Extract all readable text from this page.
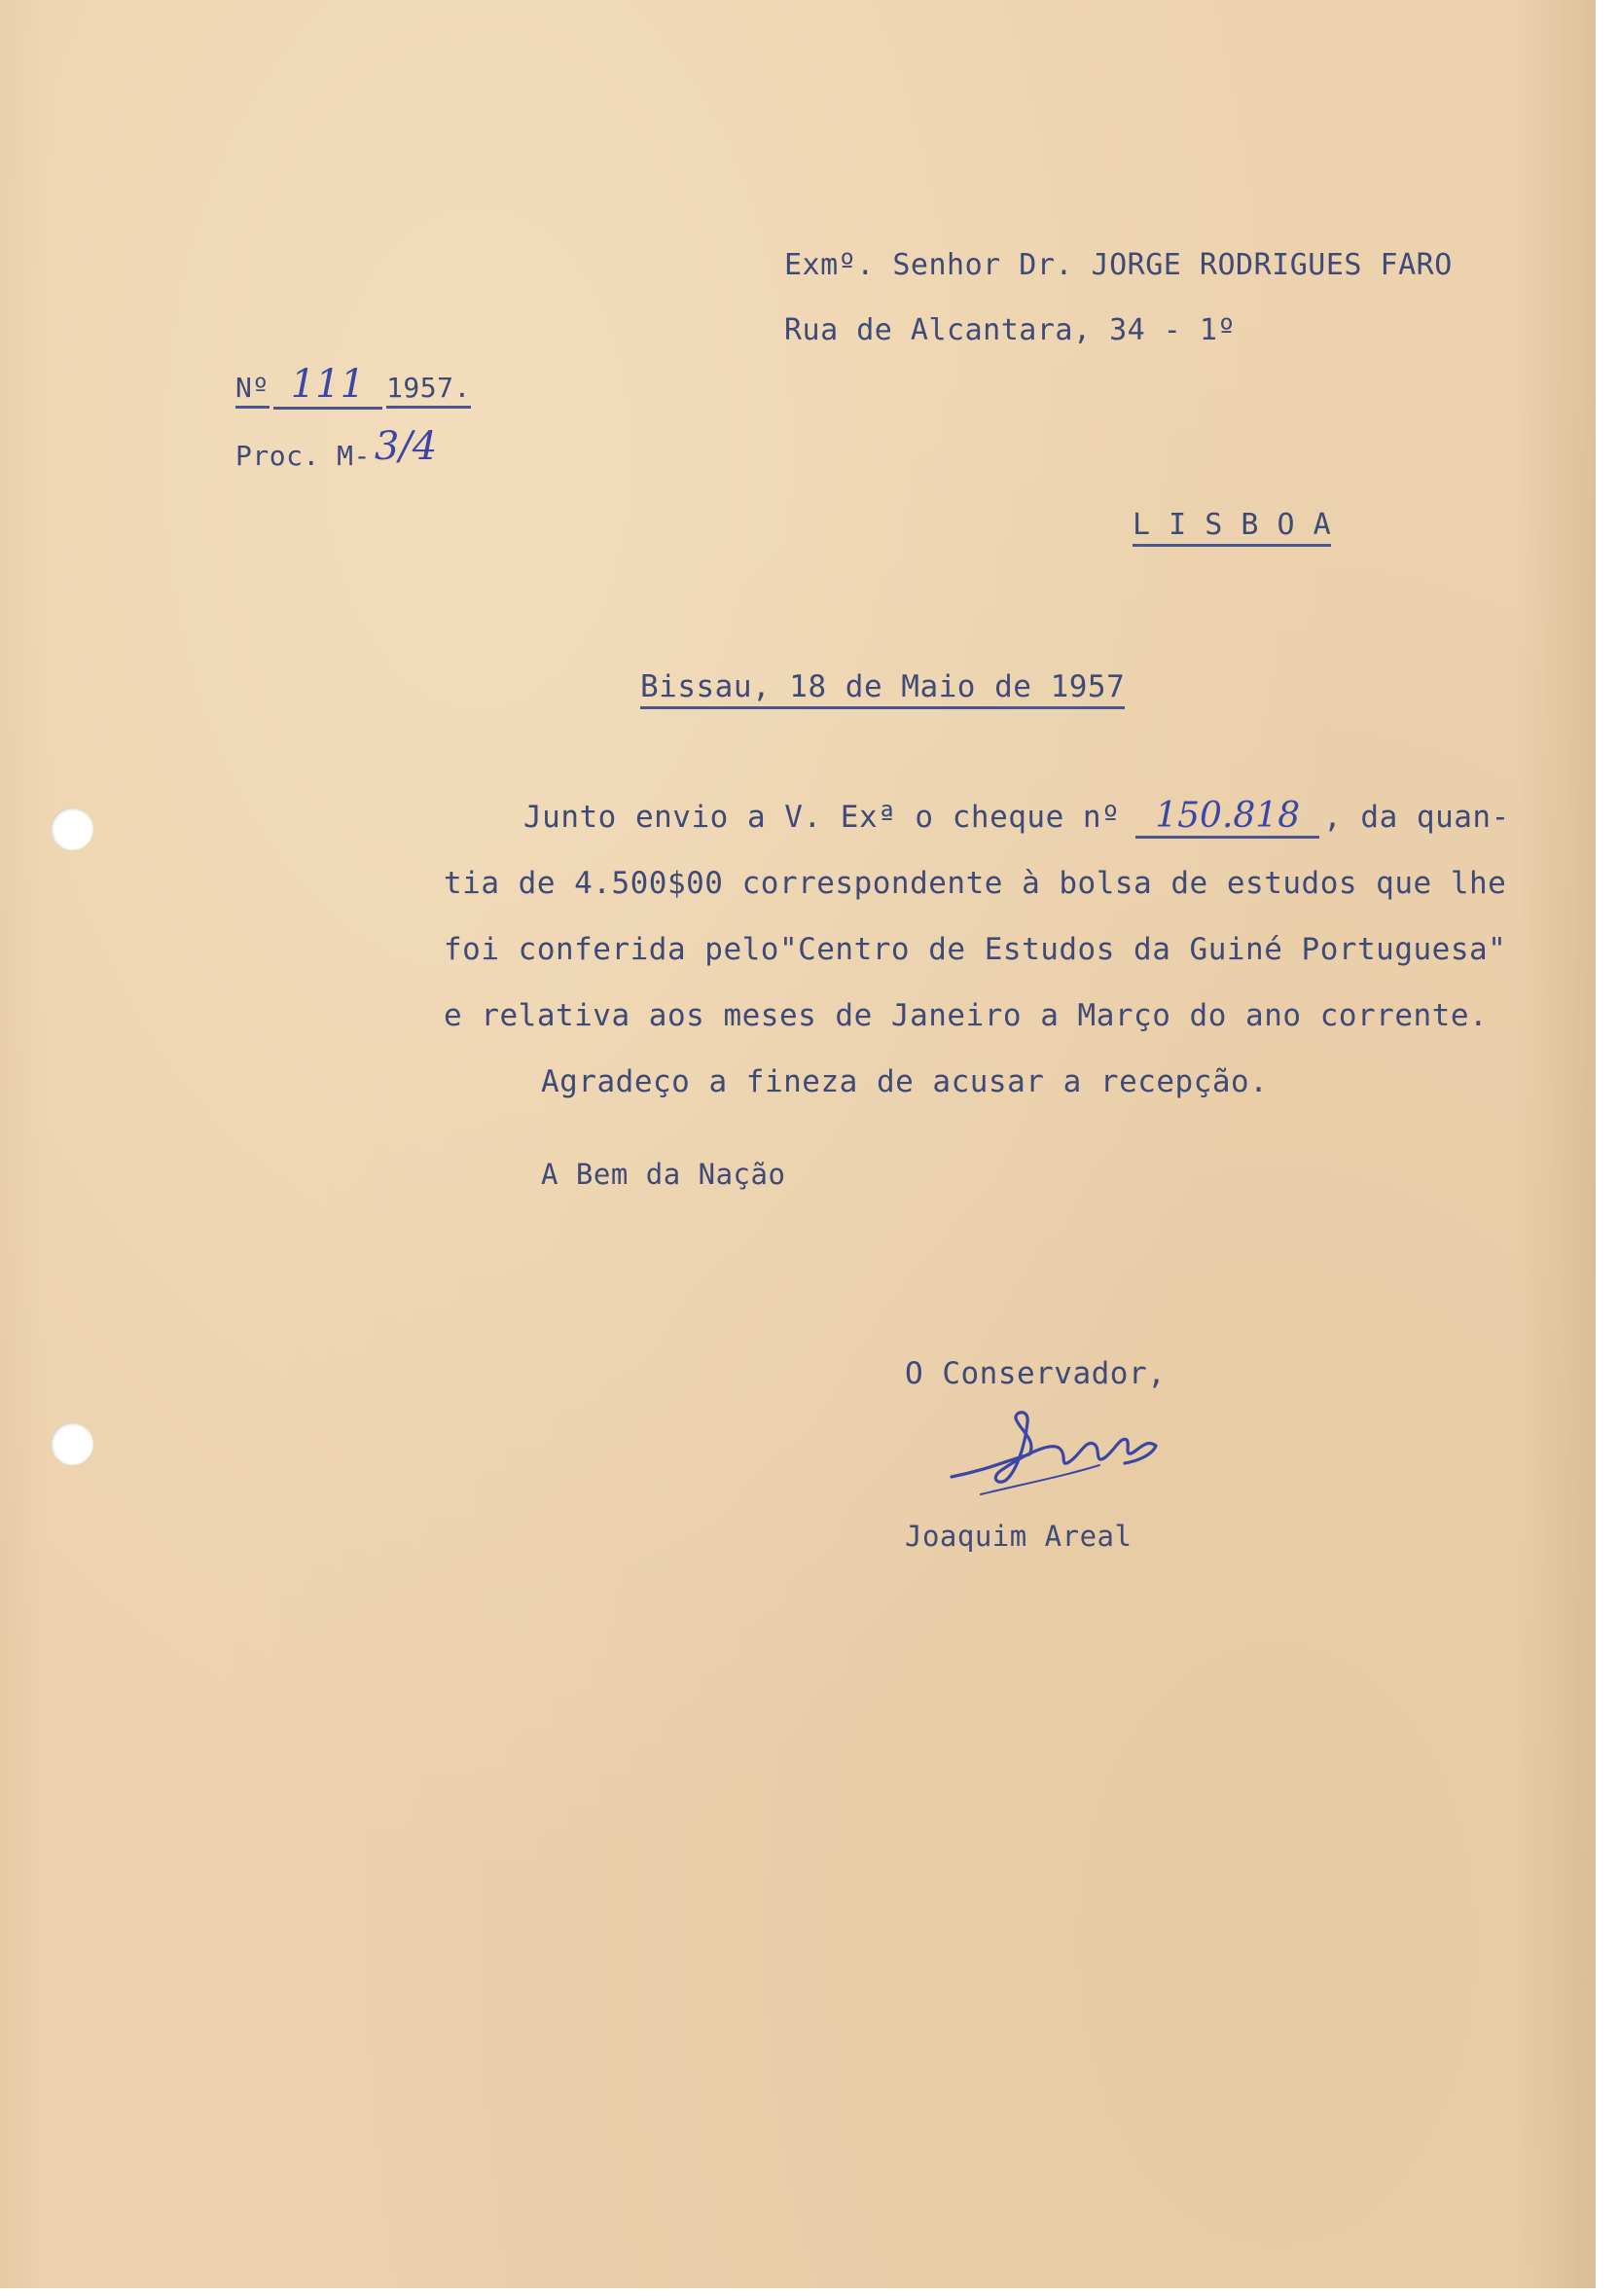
Exmº. Senhor Dr. JORGE RODRIGUES FARO
Rua de Alcantara, 34 - 1º
Nº 111 1957.
Proc. M- 3/4
L I S B O A
Bissau, 18 de Maio de 1957
Junto envio a V. Exª o cheque nº 150.818 , da quan-
tia de 4.500$00 correspondente à bolsa de estudos que lhe
foi conferida pelo"Centro de Estudos da Guiné Portuguesa"
e relativa aos meses de Janeiro a Março do ano corrente.
Agradeço a fineza de acusar a recepção.
A Bem da Nação
O Conservador,
Joaquim Areal
